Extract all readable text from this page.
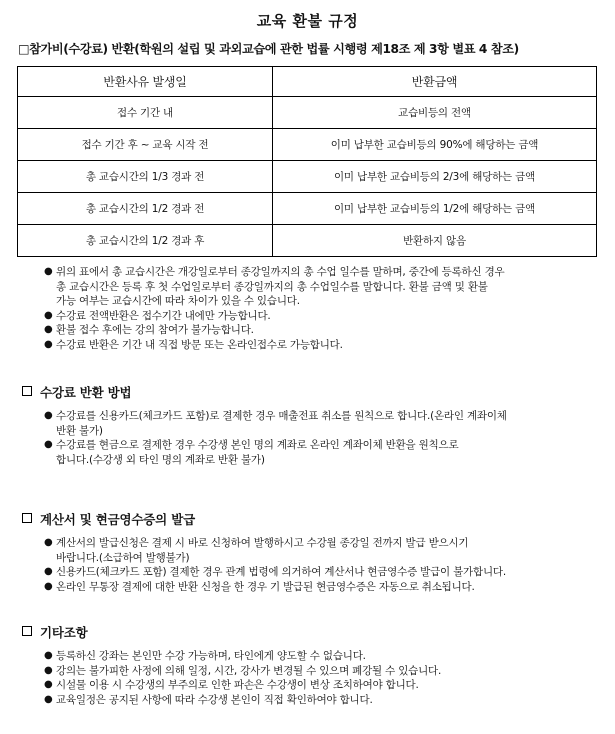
교육 환불 규정
□참가비(수강료) 반환(학원의 설립 및 과외교습에 관한 법률 시행령 제18조 제 3항 별표 4 참조)
반환사유 발생일	반환금액
접수 기간 내	교습비등의 전액
접수 기간 후 ~ 교육 시작 전	이미 납부한 교습비등의 90%에 해당하는 금액
총 교습시간의 1/3 경과 전	이미 납부한 교습비등의 2/3에 해당하는 금액
총 교습시간의 1/2 경과 전	이미 납부한 교습비등의 1/2에 해당하는 금액
총 교습시간의 1/2 경과 후	반환하지 않음
● 위의 표에서 총 교습시간은 개강일로부터 종강일까지의 총 수업 일수를 말하며, 중간에 등록하신 경우
총 교습시간은 등록 후 첫 수업일로부터 종강일까지의 총 수업일수를 말합니다. 환불 금액 및 환불
가능 여부는 교습시간에 따라 차이가 있을 수 있습니다.
● 수강료 전액반환은 접수기간 내에만 가능합니다.
● 환불 접수 후에는 강의 참여가 불가능합니다.
● 수강료 반환은 기간 내 직접 방문 또는 온라인접수로 가능합니다.
수강료 반환 방법
● 수강료를 신용카드(체크카드 포함)로 결제한 경우 매출전표 취소를 원칙으로 합니다.(온라인 계좌이체
반환 불가)
● 수강료를 현금으로 결제한 경우 수강생 본인 명의 계좌로 온라인 계좌이체 반환을 원칙으로
합니다.(수강생 외 타인 명의 계좌로 반환 불가)
계산서 및 현금영수증의 발급
● 계산서의 발급신청은 결제 시 바로 신청하여 발행하시고 수강월 종강일 전까지 발급 받으시기
바랍니다.(소급하여 발행불가)
● 신용카드(체크카드 포함) 결제한 경우 관계 법령에 의거하여 계산서나 현금영수증 발급이 불가합니다.
● 온라인 무통장 결제에 대한 반환 신청을 한 경우 기 발급된 현금영수증은 자동으로 취소됩니다.
기타조항
● 등록하신 강좌는 본인만 수강 가능하며, 타인에게 양도할 수 없습니다.
● 강의는 불가피한 사정에 의해 일정, 시간, 강사가 변경될 수 있으며 폐강될 수 있습니다.
● 시설물 이용 시 수강생의 부주의로 인한 파손은 수강생이 변상 조치하여야 합니다.
● 교육일정은 공지된 사항에 따라 수강생 본인이 직접 확인하여야 합니다.
